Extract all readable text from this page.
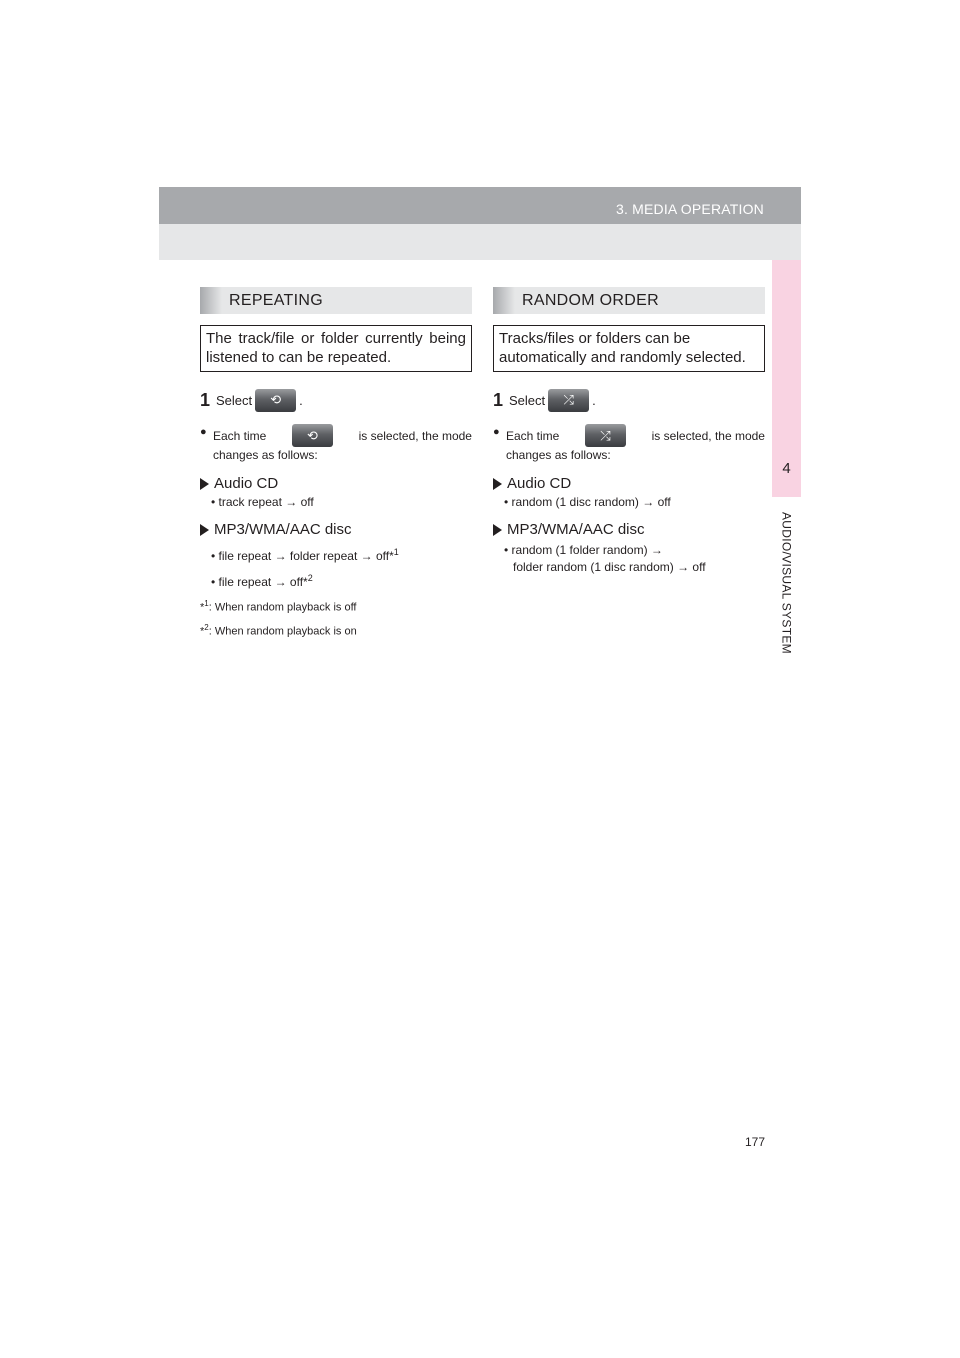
3. MEDIA OPERATION
4
AUDIO/VISUAL SYSTEM
REPEATING
The track/file or folder currently being listened to can be repeated.
1 Select	⟲	.
● Each time	⟲	is selected, the mode
changes as follows:
Audio CD
• track repeat → off
MP3/WMA/AAC disc
• file repeat → folder repeat → off*$^1$
• file repeat → off*$^2$
*$^1$: When random playback is off
*$^2$: When random playback is on
RANDOM ORDER
Tracks/files or folders can be automatically and randomly selected.
1 Select	⤮	.
● Each time	⤮	is selected, the mode
changes as follows:
Audio CD
• random (1 disc random) → off
MP3/WMA/AAC disc
• random (1 folder random) →
folder random (1 disc random) → off
177
